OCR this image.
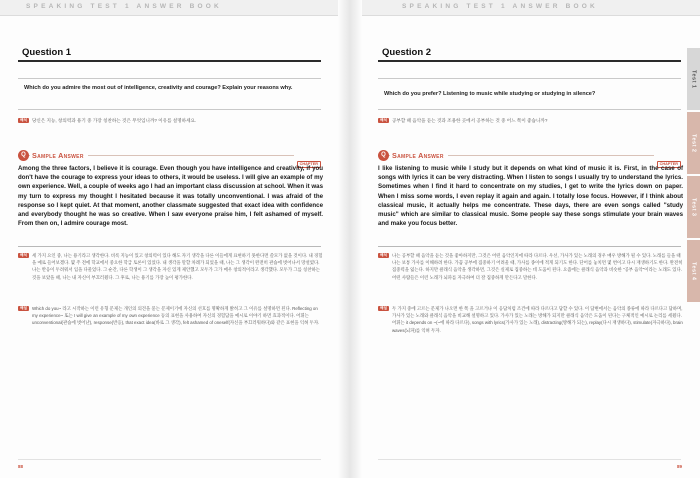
SPEAKING TEST 1 ANSWER BOOK
Question 1

Which do you admire the most out of intelligence, creativity and courage? Explain your reasons why.

해석 당신은 지능, 창의력과 용기 중 가장 칭찬하는 것은 무엇입니까? 이유를 설명하세요.
Q Sample Answer
CHAPTER

Among the three factors, I believe it is courage. Even though you have intelligence and creativity, if you don't have the courage to express your ideas to others, it would be useless. I will give an example of my own experience. Well, a couple of weeks ago I had an important class discussion at school. When it was my turn to express my thought I hesitated because it was totally unconventional. I was afraid of the response so I kept quiet. At that moment, another classmate suggested that exact idea with confidence and everybody thought he was so creative. When I saw everyone praise him, I felt ashamed of myself. From then on, I admire courage most.

해석	세 가지 요인 중, 나는 용기라고 생각한다. 비록 지능이 있고 창의력이 있다 해도 자기 생각을 다른 이들에게 표현하기 못한다면 쓸모가 없을 것이다. 내 경험을 예로 들어보겠다. 몇 주 전에 학교에서 중요한 학급 토론이 있었다. 내 생각을 말할 차례가 되었을 때, 나는 그 생각이 완전히 관습에 벗어나서 망설였다. 나는 반응이 두려워서 입을 다물었다. 그 순간, 다른 학생이 그 생각을 자신 있게 제안했고 모두가 그가 매우 창의적이라고 생각했다. 모두가 그를 칭찬하는 것을 보았을 때, 나는 내 자신이 부끄러웠다. 그 후로, 나는 용기를 가장 높이 평가한다.
해설	Which do you~ 라고 시작하는 이런 유형 문제는 개인의 의견을 묻는 문제이기에 자신의 선호를 명확하게 밝히고 그 이유를 설명하면 된다. Reflecting on my experience~ 또는 I will give an example of my own experience 등의 표현을 사용하여 자신의 경험담을 예시로 이야기 하면 효과적이다. 어휘는 unconventional(관습에 벗어난), response(반응), that exact idea(바로 그 생각), felt ashamed of oneself(자신을 부끄러워하다)와 같은 표현을 익혀 두자.
88
SPEAKING TEST 1 ANSWER BOOK
Question 2

Which do you prefer? Listening to music while studying or studying in silence?

해석 공부할 때 음악을 듣는 것과 조용한 곳에서 공부하는 것 중 어느 쪽이 좋습니까?
Q Sample Answer
CHAPTER

I like listening to music while I study but it depends on what kind of music it is. First, in the case of songs with lyrics it can be very distracting. When I listen to songs I usually try to understand the lyrics. Sometimes when I find it hard to concentrate on my studies, I get to write the lyrics down on paper. When I miss some words, I even replay it again and again. I totally lose focus. However, if I think about classical music, it actually helps me concentrate. These days, there are even songs called "study music" which are similar to classical music. Some people say these songs stimulate your brain waves and make you focus better.

해석	나는 공부할 때 음악을 듣는 것을 좋아하지만, 그것은 어떤 음악인지에 따라 다르다. 우선, 가사가 있는 노래의 경우 매우 방해가 될 수 있다. 노래를 들을 때 나는 보통 가사를 이해하려 한다. 가끔 공부에 집중하기 어려울 때, 가사를 종이에 적게 되기도 한다. 단어를 놓치면 몇 번이고 다시 재생하기도 한다. 완전히 집중력을 잃는다. 하지만 클래식 음악을 생각하면, 그것은 실제로 집중하는 데 도움이 된다. 요즘에는 클래식 음악과 비슷한 "공부 음악"이라는 노래도 있다. 어떤 사람들은 이런 노래가 뇌파를 자극하여 더 잘 집중하게 만든다고 말한다.
해설	두 가지 중에 고르는 문제가 나오면 한 쪽 을 고르거나 이 응답처럼 조건에 따라 다르다고 답할 수 있다. 이 답변에서는 음악의 종류에 따라 다르다고 답하며, 가사가 있는 노래와 클래식 음악을 비교해 설명하고 있다. 가사가 있는 노래는 방해가 되지만 클래식 음악은 도움이 된다는 구체적인 예시로 논리를 세웠다. 어휘는 it depends on ~(~에 따라 다르다), songs with lyrics(가사가 있는 노래), distracting(방해가 되는), replay(다시 재생하다), stimulate(자극하다), brain waves(뇌파)를 익혀 두자.
Test 1
Test 2
Test 3
Test 4
89
